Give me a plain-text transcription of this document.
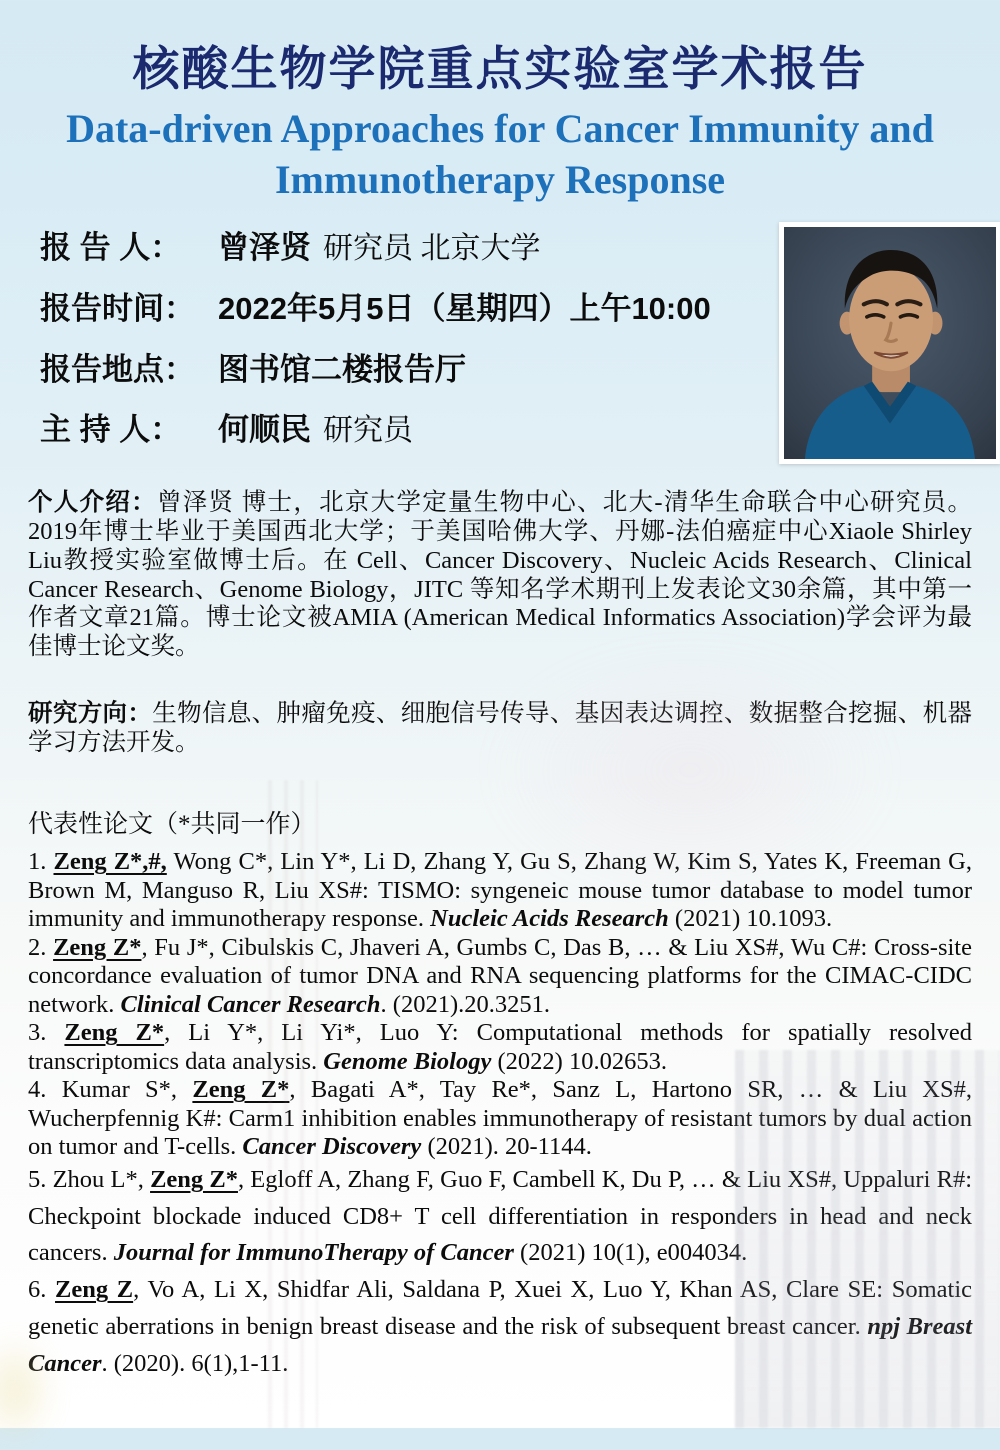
核酸生物学院重点实验室学术报告
Data-driven Approaches for Cancer Immunity and Immunotherapy Response
报 告 人：	曾泽贤 研究员 北京大学
报告时间： 2022年5月5日（星期四）上午10:00
报告地点： 图书馆二楼报告厅
主 持 人：	何顺民 研究员

个人介绍：曾泽贤 博士，北京大学定量生物中心、北大-清华生命联合中心研究员。2019年博士毕业于美国西北大学；于美国哈佛大学、丹娜-法伯癌症中心Xiaole Shirley Liu教授实验室做博士后。在 Cell、Cancer Discovery、Nucleic Acids Research、Clinical Cancer Research、Genome Biology，JITC 等知名学术期刊上发表论文30余篇，其中第一作者文章21篇。博士论文被AMIA (American Medical Informatics Association)学会评为最佳博士论文奖。

研究方向：生物信息、肿瘤免疫、细胞信号传导、基因表达调控、数据整合挖掘、机器学习方法开发。

代表性论文（*共同一作）

1. Zeng Z*,#, Wong C*, Lin Y*, Li D, Zhang Y, Gu S, Zhang W, Kim S, Yates K, Freeman G, Brown M, Manguso R, Liu XS#: TISMO: syngeneic mouse tumor database to model tumor immunity and immunotherapy response. Nucleic Acids Research (2021) 10.1093.

2. Zeng Z*, Fu J*, Cibulskis C, Jhaveri A, Gumbs C, Das B, … & Liu XS#, Wu C#: Cross-site concordance evaluation of tumor DNA and RNA sequencing platforms for the CIMAC-CIDC network. Clinical Cancer Research. (2021).20.3251.

3. Zeng Z*, Li Y*, Li Yi*, Luo Y: Computational methods for spatially resolved transcriptomics data analysis. Genome Biology (2022) 10.02653.

4. Kumar S*, Zeng Z*, Bagati A*, Tay Re*, Sanz L, Hartono SR, … & Liu XS#, Wucherpfennig K#: Carm1 inhibition enables immunotherapy of resistant tumors by dual action on tumor and T-cells. Cancer Discovery (2021). 20-1144.

5. Zhou L*, Zeng Z*, Egloff A, Zhang F, Guo F, Cambell K, Du P, … & Liu XS#, Uppaluri R#: Checkpoint blockade induced CD8+ T cell differentiation in responders in head and neck cancers. Journal for ImmunoTherapy of Cancer (2021) 10(1), e004034.

6. Zeng Z, Vo A, Li X, Shidfar Ali, Saldana P, Xuei X, Luo Y, Khan AS, Clare SE: Somatic genetic aberrations in benign breast disease and the risk of subsequent breast cancer. npj Breast Cancer. (2020). 6(1),1-11.
